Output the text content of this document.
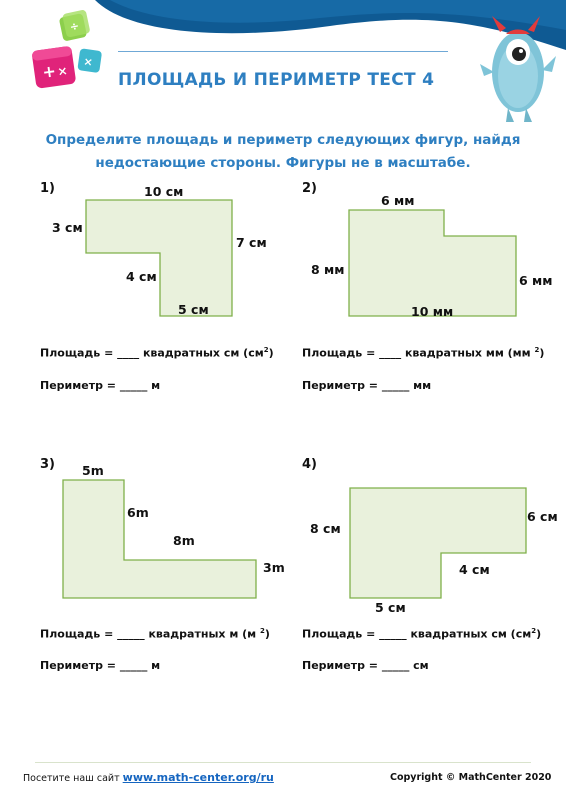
÷
×
+ ×	ПЛОЩАДЬ И ПЕРИМЕТР ТЕСТ 4
Определите площадь и периметр следующих фигур, найдя
недостающие стороны. Фигуры не в масштабе.
1)	10 см
3 см
7 см
4 см
5 см
Площадь = ____ квадратных см $(см^2)$
Периметр = _____ м
2)
6 мм
8 мм
6 мм
10 мм
Площадь = ____ квадратных мм (мм $^2$)
Периметр = _____ мм
3) 5m
6m
8m
3m
Площадь = _____ квадратных м (м $^2$)
Периметр = _____ м
4)
8 см
6 см
4 см
5 см
Площадь = _____ квадратных см $(см^2)$
Периметр = _____ см
Посетите наш сайт www.math-center.org/ru	Copyright © MathCenter 2020
